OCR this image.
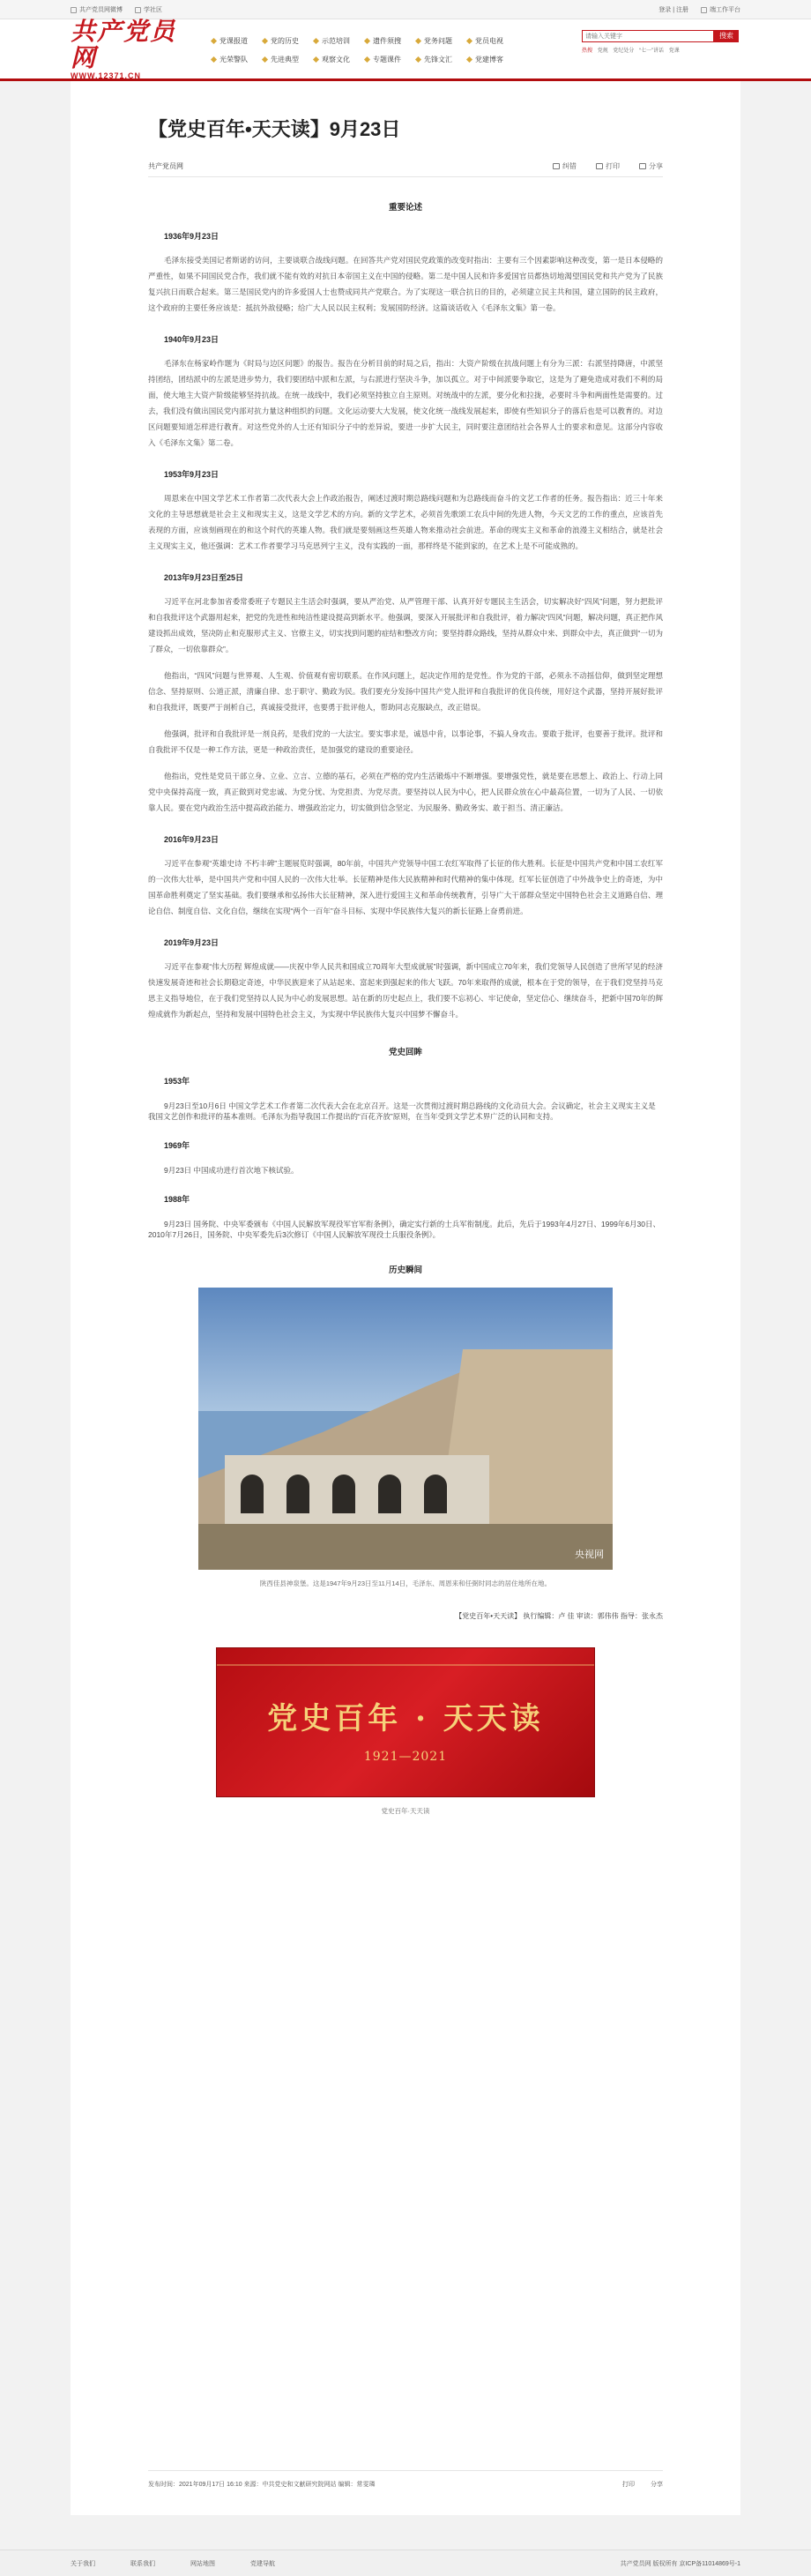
共产党员网微博	学社区	登录 | 注册	端工作平台
共产党员网
WWW.12371.CN
党课报道	党的历史	示范培训	遗件须搜	党务问题	党员电视
光荣警队	先进典型	观察文化	专题课件	先锋文汇	党建博客
请输入关键字
搜索
热搜 党规 党纪处分 “七一”讲话 党课
【党史百年•天天读】9月23日
共产党员网	纠错	打印	分享
重要论述
1936年9月23日

毛泽东接受美国记者斯诺的访问，主要谈联合战线问题。在回答共产党对国民党政策的改变时指出：主要有三个因素影响这种改变，第一是日本侵略的严重性，如果不同国民党合作，我们就不能有效的对抗日本帝国主义在中国的侵略。第二是中国人民和许多爱国官员都热切地渴望国民党和共产党为了民族复兴抗日而联合起来。第三是国民党内的许多爱国人士也赞成同共产党联合。为了实现这一联合抗日的目的，必须建立民主共和国，建立国防的民主政府，这个政府的主要任务应该是：抵抗外敌侵略；给广大人民以民主权利；发展国防经济。这篇谈话收入《毛泽东文集》第一卷。

1940年9月23日

毛泽东在杨家岭作题为《时局与边区问题》的报告。报告在分析目前的时局之后，指出：大资产阶级在抗战问题上有分为三派：右派坚持降唐，中派坚持团结，团结派中的左派是进步势力，我们要团结中派和左派，与右派进行坚决斗争，加以孤立。对于中间派要争取它，这是为了避免造成对我们不利的局面，使大地主大资产阶级能够坚持抗战。在统一战线中，我们必须坚持独立自主原则。对统战中的左派，要分化和拉拢，必要时斗争和两面性是需要的。过去，我们没有做出国民党内部对抗力量这种组织的问题。文化运动要大大发展，使文化统一战线发展起来，即使有些知识分子的落后也是可以教育的。对边区问题要知道怎样进行教育。对这些党外的人士还有知识分子中的差异说，要进一步扩大民主，同时要注意团结社会各界人士的要求和意见。这部分内容收入《毛泽东文集》第二卷。

1953年9月23日

周恩来在中国文学艺术工作者第二次代表大会上作政治报告，阐述过渡时期总路线问题和为总路线而奋斗的文艺工作者的任务。报告指出：近三十年来文化的主导思想就是社会主义和现实主义，这是文学艺术的方向。新的文学艺术，必须首先歌颂工农兵中间的先进人物，今天文艺的工作的重点，应该首先表现的方面，应该刻画现在的和这个时代的英雄人物。我们就是要刻画这些英雄人物来推动社会前进。革命的现实主义和革命的浪漫主义相结合，就是社会主义现实主义，他还强调：艺术工作者要学习马克思列宁主义，没有实践的一面，那样终是不能到家的，在艺术上是不可能成熟的。

2013年9月23日至25日

习近平在河北参加省委常委班子专题民主生活会时强调，要从严治党、从严管理干部、认真开好专题民主生活会，切实解决好“四风”问题，努力把批评和自我批评这个武器用起来，把党的先进性和纯洁性建设提高到新水平。他强调，要深入开展批评和自我批评，着力解决“四风”问题，解决问题，真正把作风建设抓出成效，坚决防止和克服形式主义、官僚主义，切实找到问题的症结和整改方向；要坚持群众路线，坚持从群众中来、到群众中去，真正做到“一切为了群众，一切依靠群众”。

他指出，“四风”问题与世界观、人生观、价值观有密切联系。在作风问题上，起决定作用的是党性。作为党的干部，必须永不动摇信仰，做到坚定理想信念、坚持原则、公道正派，清廉自律、忠于职守、勤政为民。我们要充分发扬中国共产党人批评和自我批评的优良传统，用好这个武器，坚持开展好批评和自我批评，既要严于剖析自己，真诚接受批评，也要勇于批评他人，帮助同志克服缺点，改正错误。

他强调，批评和自我批评是一剂良药，是我们党的一大法宝。要实事求是，诚恳中肯，以事论事，不搞人身攻击。要敢于批评，也要善于批评。批评和自我批评不仅是一种工作方法，更是一种政治责任，是加强党的建设的重要途径。

他指出，党性是党员干部立身、立业、立言、立德的基石，必须在严格的党内生活锻炼中不断增强。要增强党性，就是要在思想上、政治上、行动上同党中央保持高度一致，真正做到对党忠诚、为党分忧、为党担责、为党尽责。要坚持以人民为中心，把人民群众放在心中最高位置，一切为了人民、一切依靠人民。要在党内政治生活中提高政治能力、增强政治定力，切实做到信念坚定、为民服务、勤政务实、敢于担当、清正廉洁。

2016年9月23日

习近平在参观“英雄史诗 不朽丰碑”主题展览时强调，80年前，中国共产党领导中国工农红军取得了长征的伟大胜利。长征是中国共产党和中国工农红军的一次伟大壮举，是中国共产党和中国人民的一次伟大壮举。长征精神是伟大民族精神和时代精神的集中体现。红军长征创造了中外战争史上的奇迹，为中国革命胜利奠定了坚实基础。我们要继承和弘扬伟大长征精神，深入进行爱国主义和革命传统教育，引导广大干部群众坚定中国特色社会主义道路自信、理论自信、制度自信、文化自信，继续在实现“两个一百年”奋斗目标、实现中华民族伟大复兴的新长征路上奋勇前进。

2019年9月23日

习近平在参观“伟大历程 辉煌成就——庆祝中华人民共和国成立70周年大型成就展”时强调，新中国成立70年来，我们党领导人民创造了世所罕见的经济快速发展奇迹和社会长期稳定奇迹，中华民族迎来了从站起来、富起来到强起来的伟大飞跃。70年来取得的成就，根本在于党的领导，在于我们党坚持马克思主义指导地位，在于我们党坚持以人民为中心的发展思想。站在新的历史起点上，我们要不忘初心、牢记使命，坚定信心、继续奋斗，把新中国70年的辉煌成就作为新起点，坚持和发展中国特色社会主义，为实现中华民族伟大复兴中国梦不懈奋斗。

党史回眸
1953年

9月23日至10月6日 中国文学艺术工作者第二次代表大会在北京召开。这是一次贯彻过渡时期总路线的文化动员大会。会议确定，社会主义现实主义是我国文艺创作和批评的基本准则。毛泽东为指导我国工作提出的“百花齐放”原则，在当年受到文学艺术界广泛的认同和支持。

1969年

9月23日 中国成功进行首次地下核试验。

1988年

9月23日 国务院、中央军委颁布《中国人民解放军现役军官军衔条例》，确定实行新的士兵军衔制度。此后，先后于1993年4月27日、1999年6月30日、2010年7月26日，国务院、中央军委先后3次修订《中国人民解放军现役士兵服役条例》。

历史瞬间
央视网
陕西佳县神泉堡。这是1947年9月23日至11月14日，毛泽东、周恩来和任弼时同志的居住地所在地。
【党史百年•天天读】 执行编辑：卢 佳 审读：郭伟伟 指导：张永杰
党史百年 · 天天读
1921—2021
党史百年·天天读
发布时间：2021年09月17日 16:10 来源：中共党史和文献研究院网站 编辑：常雯璘	打印	分享
关于我们	联系我们	网站地图	党建导航	共产党员网 版权所有 京ICP备11014869号-1
